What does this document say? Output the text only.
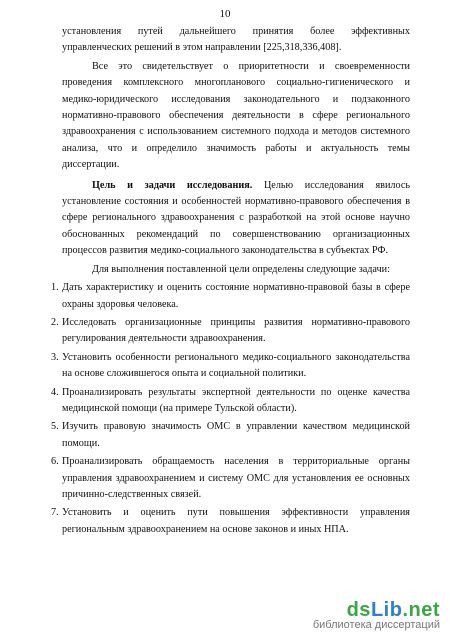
10

установления путей дальнейшего принятия более эффективных управленческих решений в этом направлении [225,318,336,408].

Все это свидетельствует о приоритетности и своевременности проведения комплексного многопланового социально-гигиенического и медико-юридического исследования законодательного и подзаконного нормативно-правового обеспечения деятельности в сфере регионального здравоохранения с использованием системного подхода и методов системного анализа, что и определило значимость работы и актуальность темы диссертации.

Цель и задачи исследования. Целью исследования явилось установление состояния и особенностей нормативно-правового обеспечения в сфере регионального здравоохранения с разработкой на этой основе научно обоснованных рекомендаций по совершенствованию организационных процессов развития медико-социального законодательства в субъектах РФ.

Для выполнения поставленной цели определены следующие задачи:

1. Дать характеристику и оценить состояние нормативно-правовой базы в сфере охраны здоровья человека.
2. Исследовать организационные принципы развития нормативно-правового регулирования деятельности здравоохранения.
3. Установить особенности регионального медико-социального законодательства на основе сложившегося опыта и социальной политики.
4. Проанализировать результаты экспертной деятельности по оценке качества медицинской помощи (на примере Тульской области).
5. Изучить правовую значимость ОМС в управлении качеством медицинской помощи.
6. Проанализировать обращаемость населения в территориальные органы управления здравоохранением и систему ОМС для установления ее основных причинно-следственных связей.
7. Установить и оценить пути повышения эффективности управления региональным здравоохранением на основе законов и иных НПА.
dsLib.net
библиотека диссертаций
